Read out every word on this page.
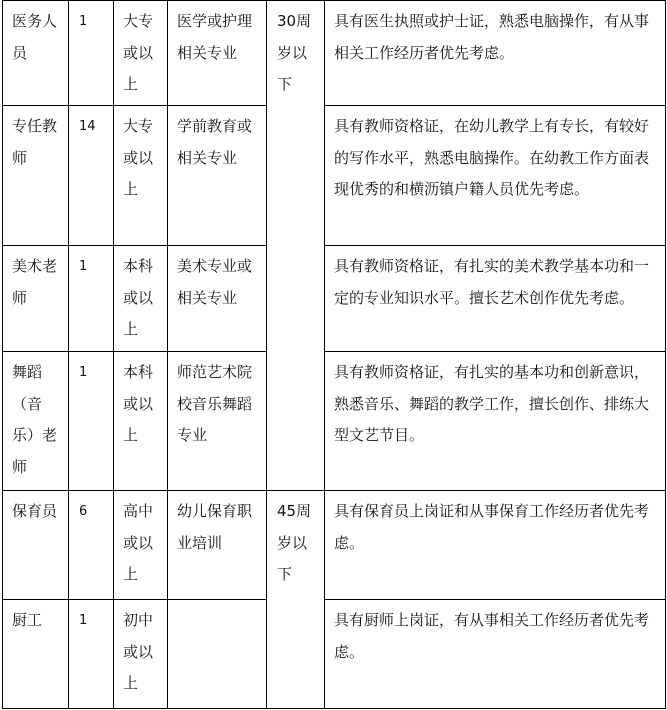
医务人员	1	大专或以上	医学或护理相关专业	30周岁以下	具有医生执照或护士证，熟悉电脑操作，有从事相关工作经历者优先考虑。
专任教师	14	大专或以上	学前教育或相关专业		具有教师资格证，在幼儿教学上有专长，有较好的写作水平，熟悉电脑操作。在幼教工作方面表现优秀的和横沥镇户籍人员优先考虑。
美术老师	1	本科或以上	美术专业或相关专业		具有教师资格证，有扎实的美术教学基本功和一定的专业知识水平。擅长艺术创作优先考虑。
舞蹈（音乐）老师	1	本科或以上	师范艺术院校音乐舞蹈专业		具有教师资格证，有扎实的基本功和创新意识，熟悉音乐、舞蹈的教学工作，擅长创作、排练大型文艺节目。
保育员	6	高中或以上	幼儿保育职业培训	45周岁以下	具有保育员上岗证和从事保育工作经历者优先考虑。
厨工	1	初中或以上			具有厨师上岗证，有从事相关工作经历者优先考虑。
